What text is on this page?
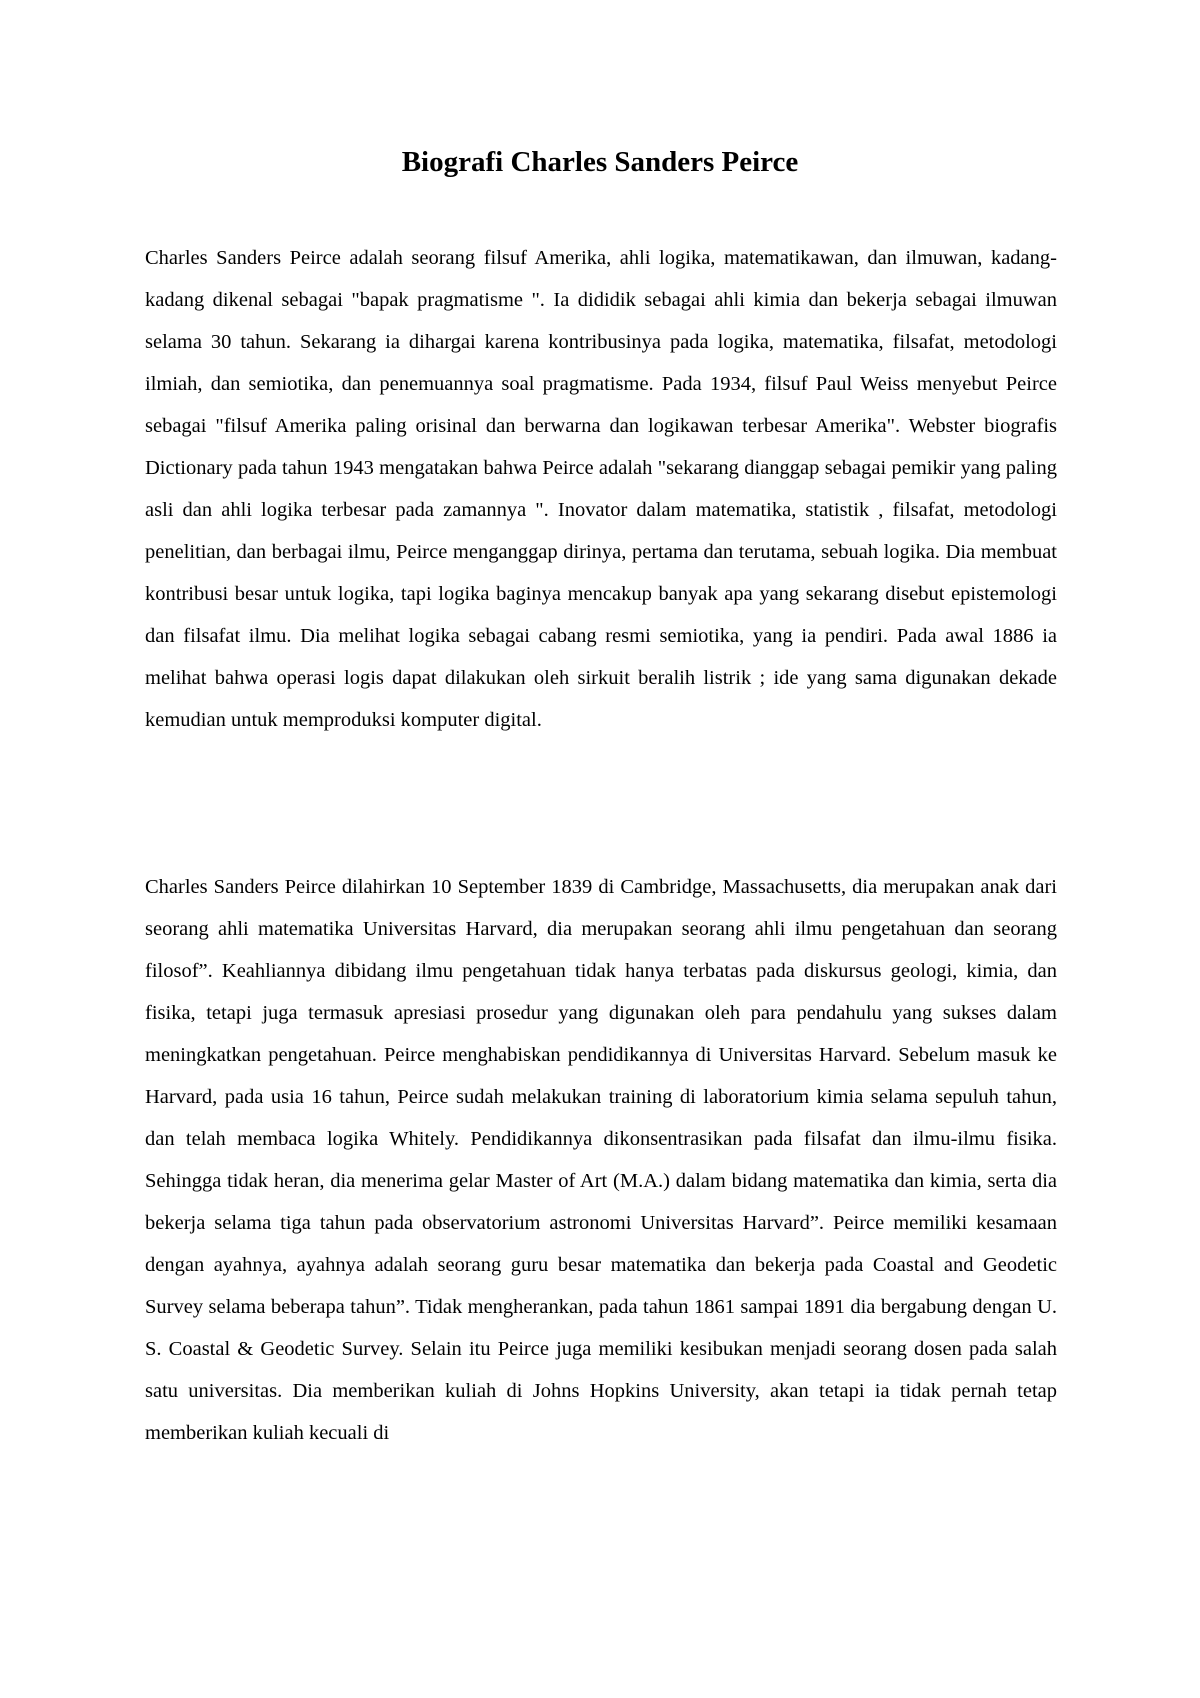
Biografi Charles Sanders Peirce

Charles Sanders Peirce adalah seorang filsuf Amerika, ahli logika, matematikawan, dan ilmuwan, kadang-kadang dikenal sebagai "bapak pragmatisme ". Ia dididik sebagai ahli kimia dan bekerja sebagai ilmuwan selama 30 tahun. Sekarang ia dihargai karena kontribusinya pada logika, matematika, filsafat, metodologi ilmiah, dan semiotika, dan penemuannya soal pragmatisme. Pada 1934, filsuf Paul Weiss menyebut Peirce sebagai "filsuf Amerika paling orisinal dan berwarna dan logikawan terbesar Amerika". Webster biografis Dictionary pada tahun 1943 mengatakan bahwa Peirce adalah "sekarang dianggap sebagai pemikir yang paling asli dan ahli logika terbesar pada zamannya ". Inovator dalam matematika, statistik , filsafat, metodologi penelitian, dan berbagai ilmu, Peirce menganggap dirinya, pertama dan terutama, sebuah logika. Dia membuat kontribusi besar untuk logika, tapi logika baginya mencakup banyak apa yang sekarang disebut epistemologi dan filsafat ilmu. Dia melihat logika sebagai cabang resmi semiotika, yang ia pendiri. Pada awal 1886 ia melihat bahwa operasi logis dapat dilakukan oleh sirkuit beralih listrik ; ide yang sama digunakan dekade kemudian untuk memproduksi komputer digital.

Charles Sanders Peirce dilahirkan 10 September 1839 di Cambridge, Massachusetts, dia merupakan anak dari seorang ahli matematika Universitas Harvard, dia merupakan seorang ahli ilmu pengetahuan dan seorang filosof”. Keahliannya dibidang ilmu pengetahuan tidak hanya terbatas pada diskursus geologi, kimia, dan fisika, tetapi juga termasuk apresiasi prosedur yang digunakan oleh para pendahulu yang sukses dalam meningkatkan pengetahuan. Peirce menghabiskan pendidikannya di Universitas Harvard. Sebelum masuk ke Harvard, pada usia 16 tahun, Peirce sudah melakukan training di laboratorium kimia selama sepuluh tahun, dan telah membaca logika Whitely. Pendidikannya dikonsentrasikan pada filsafat dan ilmu-ilmu fisika. Sehingga tidak heran, dia menerima gelar Master of Art (M.A.) dalam bidang matematika dan kimia, serta dia bekerja selama tiga tahun pada observatorium astronomi Universitas Harvard”. Peirce memiliki kesamaan dengan ayahnya, ayahnya adalah seorang guru besar matematika dan bekerja pada Coastal and Geodetic Survey selama beberapa tahun”. Tidak mengherankan, pada tahun 1861 sampai 1891 dia bergabung dengan U. S. Coastal & Geodetic Survey. Selain itu Peirce juga memiliki kesibukan menjadi seorang dosen pada salah satu universitas. Dia memberikan kuliah di Johns Hopkins University, akan tetapi ia tidak pernah tetap memberikan kuliah kecuali di
